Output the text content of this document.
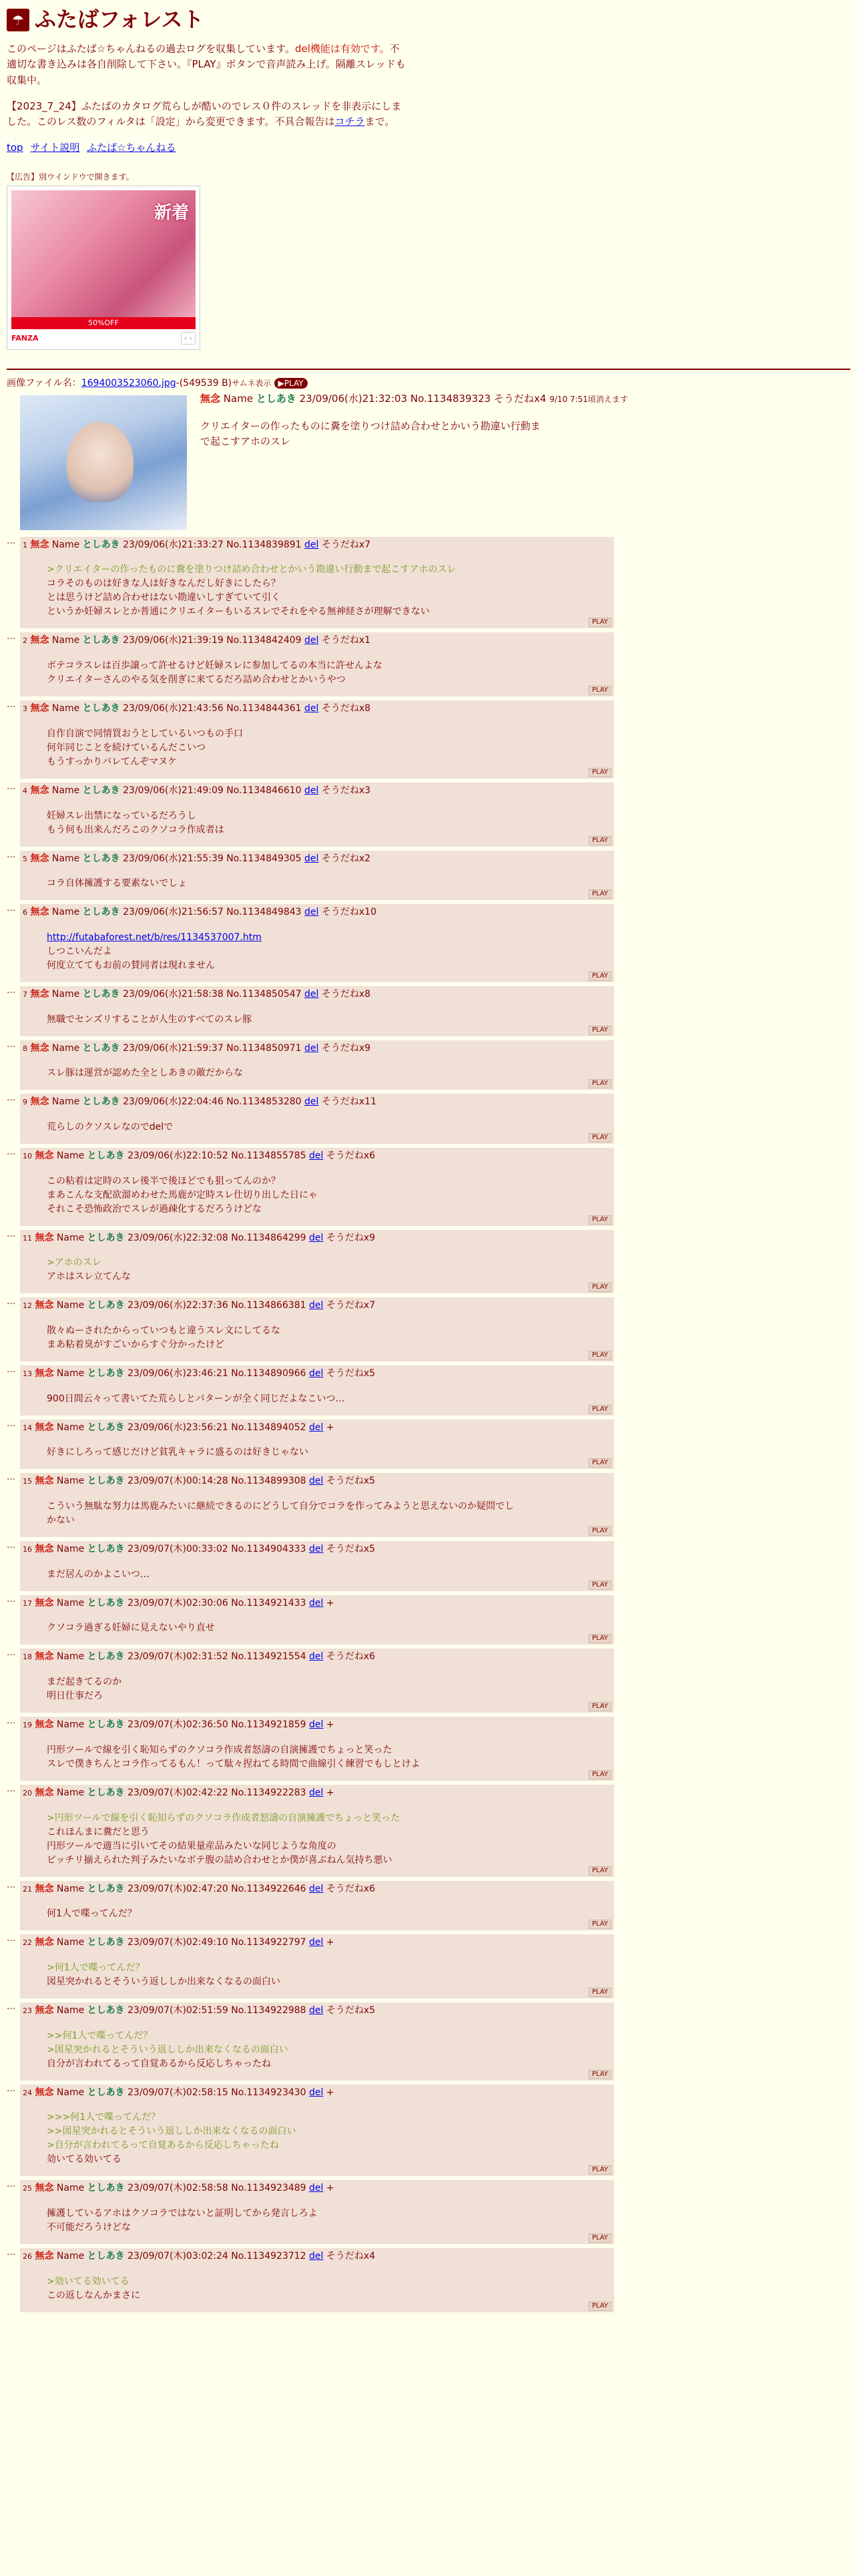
☂ ふたばフォレスト

このページはふたば☆ちゃんねるの過去ログを収集しています。del機能は有効です。不適切な書き込みは各自削除して下さい。『PLAY』ボタンで音声読み上げ。隔離スレッドも収集中。

【2023_7_24】ふたばのカタログ荒らしが酷いのでレス０件のスレッドを非表示にしました。このレス数のフィルタは「設定」から変更できます。不具合報告はコチラまで。

top サイト説明 ふたば☆ちゃんねる
【広告】別ウインドウで開きます。
新着
50%OFF
FANZA	‹ ›
画像ファイル名：1694003523060.jpg-(549539 B)サムネ表示 ▶PLAY
無念 Name としあき 23/09/06(水)21:32:03 No.1134839323 そうだねx4 9/10 7:51頃消えます
クリエイターの作ったものに糞を塗りつけ詰め合わせとかいう勘違い行動ま
で起こすアホのスレ
…	1 無念 Name としあき 23/09/06(水)21:33:27 No.1134839891 del そうだねx7
>クリエイターの作ったものに糞を塗りつけ詰め合わせとかいう勘違い行動まで起こすアホのスレ
コラそのものは好きな人は好きなんだし好きにしたら？
とは思うけど詰め合わせはない勘違いしすぎていて引く
というか妊婦スレとか普通にクリエイターもいるスレでそれをやる無神経さが理解できない
PLAY
…	2 無念 Name としあき 23/09/06(水)21:39:19 No.1134842409 del そうだねx1
ボテコラスレは百歩譲って許せるけど妊婦スレに参加してるの本当に許せんよな
クリエイターさんのやる気を削ぎに来てるだろ詰め合わせとかいうやつ
PLAY
…	3 無念 Name としあき 23/09/06(水)21:43:56 No.1134844361 del そうだねx8
自作自演で同情買おうとしているいつもの手口
何年同じことを続けているんだこいつ
もうすっかりバレてんぞマヌケ
PLAY
…	4 無念 Name としあき 23/09/06(水)21:49:09 No.1134846610 del そうだねx3
妊婦スレ出禁になっているだろうし
もう何も出来んだろこのクソコラ作成者は
PLAY
…	5 無念 Name としあき 23/09/06(水)21:55:39 No.1134849305 del そうだねx2
コラ自体擁護する要素ないでしょ
PLAY
…	6 無念 Name としあき 23/09/06(水)21:56:57 No.1134849843 del そうだねx10
http://futabaforest.net/b/res/1134537007.htm
しつこいんだよ
何度立ててもお前の賛同者は現れません
PLAY
…	7 無念 Name としあき 23/09/06(水)21:58:38 No.1134850547 del そうだねx8
無職でセンズリすることが人生のすべてのスレ豚
PLAY
…	8 無念 Name としあき 23/09/06(水)21:59:37 No.1134850971 del そうだねx9
スレ豚は運営が認めた全としあきの敵だからな
PLAY
…	9 無念 Name としあき 23/09/06(水)22:04:46 No.1134853280 del そうだねx11
荒らしのクソスレなのでdelで
PLAY
…	10 無念 Name としあき 23/09/06(水)22:10:52 No.1134855785 del そうだねx6
この粘着は定時のスレ後半で後ほどでも狙ってんのか？
まあこんな支配欲溜めわせた馬鹿が定時スレ仕切り出した日にゃ
それこそ恐怖政治でスレが過疎化するだろうけどな
PLAY
…	11 無念 Name としあき 23/09/06(水)22:32:08 No.1134864299 del そうだねx9
>アホのスレ
アホはスレ立てんな
PLAY
…	12 無念 Name としあき 23/09/06(水)22:37:36 No.1134866381 del そうだねx7
散々ぬーされたからっていつもと違うスレ文にしてるな
まあ粘着臭がすごいからすぐ分かったけど
PLAY
…	13 無念 Name としあき 23/09/06(水)23:46:21 No.1134890966 del そうだねx5
900日間云々って書いてた荒らしとパターンが全く同じだよなこいつ…
PLAY
…	14 無念 Name としあき 23/09/06(水)23:56:21 No.1134894052 del +
好きにしろって感じだけど貧乳キャラに盛るのは好きじゃない
PLAY
…	15 無念 Name としあき 23/09/07(木)00:14:28 No.1134899308 del そうだねx5
こういう無駄な努力は馬鹿みたいに継続できるのにどうして自分でコラを作ってみようと思えないのか疑問でし
かない
PLAY
…	16 無念 Name としあき 23/09/07(木)00:33:02 No.1134904333 del そうだねx5
まだ居んのかよこいつ…
PLAY
…	17 無念 Name としあき 23/09/07(木)02:30:06 No.1134921433 del +
クソコラ過ぎる妊婦に見えないやり直せ
PLAY
…	18 無念 Name としあき 23/09/07(木)02:31:52 No.1134921554 del そうだねx6
まだ起きてるのか
明日仕事だろ
PLAY
…	19 無念 Name としあき 23/09/07(木)02:36:50 No.1134921859 del +
円形ツールで線を引く恥知らずのクソコラ作成者怒濤の自演擁護でちょっと笑った
スレで僕きちんとコラ作ってるもん！って駄々捏ねてる時間で曲線引く練習でもしとけよ
PLAY
…	20 無念 Name としあき 23/09/07(木)02:42:22 No.1134922283 del +
>円形ツールで線を引く恥知らずのクソコラ作成者怒濤の自演擁護でちょっと笑った
これほんまに糞だと思う
円形ツールで適当に引いてその結果量産品みたいな同じような角度の
ピッチリ揃えられた判子みたいなボテ腹の詰め合わせとか僕が喜ぶねん気持ち悪い
PLAY
…	21 無念 Name としあき 23/09/07(木)02:47:20 No.1134922646 del そうだねx6
何1人で喋ってんだ？
PLAY
…	22 無念 Name としあき 23/09/07(木)02:49:10 No.1134922797 del +
>何1人で喋ってんだ？
図星突かれるとそういう返ししか出来なくなるの面白い
PLAY
…	23 無念 Name としあき 23/09/07(木)02:51:59 No.1134922988 del そうだねx5
>>何1人で喋ってんだ？
>図星突かれるとそういう返ししか出来なくなるの面白い
自分が言われてるって自覚あるから反応しちゃったね
PLAY
…	24 無念 Name としあき 23/09/07(木)02:58:15 No.1134923430 del +
>>>何1人で喋ってんだ？
>>図星突かれるとそういう返ししか出来なくなるの面白い
>自分が言われてるって自覚あるから反応しちゃったね
効いてる効いてる
PLAY
…	25 無念 Name としあき 23/09/07(木)02:58:58 No.1134923489 del +
擁護しているアホはクソコラではないと証明してから発言しろよ
不可能だろうけどな
PLAY
…	26 無念 Name としあき 23/09/07(木)03:02:24 No.1134923712 del そうだねx4
>効いてる効いてる
この返しなんかまさに
PLAY
